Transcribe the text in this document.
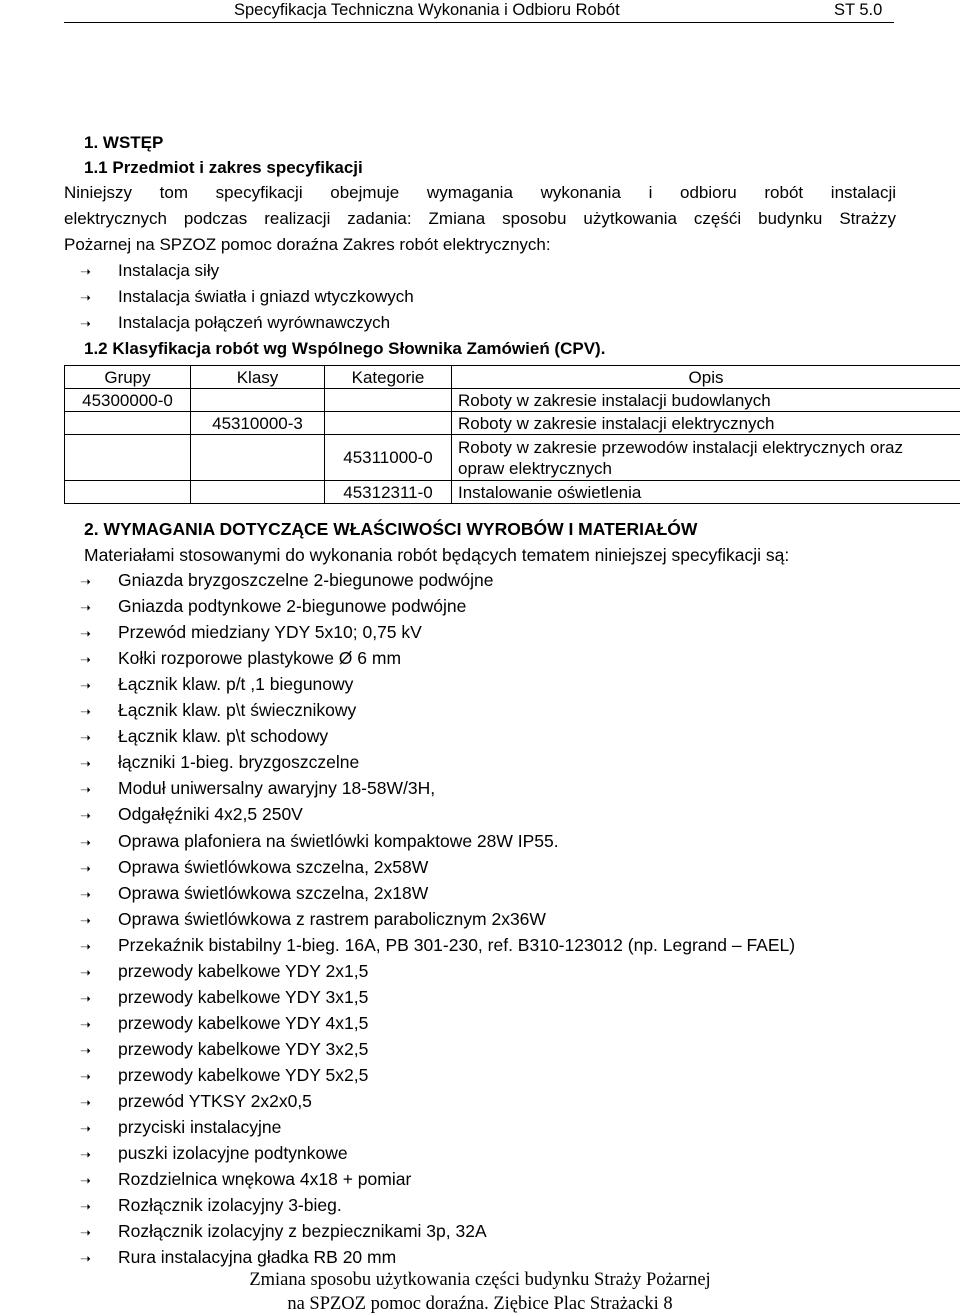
Specyfikacja Techniczna Wykonania i Odbioru Robót	ST 5.0
1. WSTĘP
1.1 Przedmiot i zakres specyfikacji
Niniejszy tom specyfikacji obejmuje wymagania wykonania i odbioru robót instalacji
elektrycznych podczas realizacji zadania: Zmiana sposobu użytkowania częśći budynku Strażzy
Pożarnej na SPZOZ pomoc doraźna Zakres robót elektrycznych:
➝ Instalacja siły
➝ Instalacja światła i gniazd wtyczkowych
➝ Instalacja połączeń wyrównawczych
1.2 Klasyfikacja robót wg Wspólnego Słownika Zamówień (CPV).
Grupy	Klasy	Kategorie	Opis
45300000-0			Roboty w zakresie instalacji budowlanych
	45310000-3		Roboty w zakresie instalacji elektrycznych
		45311000-0	Roboty w zakresie przewodów instalacji elektrycznych oraz opraw elektrycznych
		45312311-0	Instalowanie oświetlenia
2. WYMAGANIA DOTYCZĄCE WŁAŚCIWOŚCI WYROBÓW I MATERIAŁÓW
Materiałami stosowanymi do wykonania robót będących tematem niniejszej specyfikacji są:
➝ Gniazda bryzgoszczelne 2-biegunowe podwójne
➝ Gniazda podtynkowe 2-biegunowe podwójne
➝ Przewód miedziany YDY 5x10; 0,75 kV
➝ Kołki rozporowe plastykowe Ø 6 mm
➝ Łącznik klaw. p/t ,1 biegunowy
➝ Łącznik klaw. p\t świecznikowy
➝ Łącznik klaw. p\t schodowy
➝ łączniki 1-bieg. bryzgoszczelne
➝ Moduł uniwersalny awaryjny 18-58W/3H,
➝ Odgałęźniki 4x2,5 250V
➝ Oprawa plafoniera na świetlówki kompaktowe 28W IP55.
➝ Oprawa świetlówkowa szczelna, 2x58W
➝ Oprawa świetlówkowa szczelna, 2x18W
➝ Oprawa świetlówkowa z rastrem parabolicznym 2x36W
➝ Przekaźnik bistabilny 1-bieg. 16A, PB 301-230, ref. B310-123012 (np. Legrand – FAEL)
➝ przewody kabelkowe YDY 2x1,5
➝ przewody kabelkowe YDY 3x1,5
➝ przewody kabelkowe YDY 4x1,5
➝ przewody kabelkowe YDY 3x2,5
➝ przewody kabelkowe YDY 5x2,5
➝ przewód YTKSY 2x2x0,5
➝ przyciski instalacyjne
➝ puszki izolacyjne podtynkowe
➝ Rozdzielnica wnękowa 4x18 + pomiar
➝ Rozłącznik izolacyjny 3-bieg.
➝ Rozłącznik izolacyjny z bezpiecznikami 3p, 32A
➝ Rura instalacyjna gładka RB 20 mm
Zmiana sposobu użytkowania części budynku Straży Pożarnej
na SPZOZ pomoc doraźna. Ziębice Plac Strażacki 8
